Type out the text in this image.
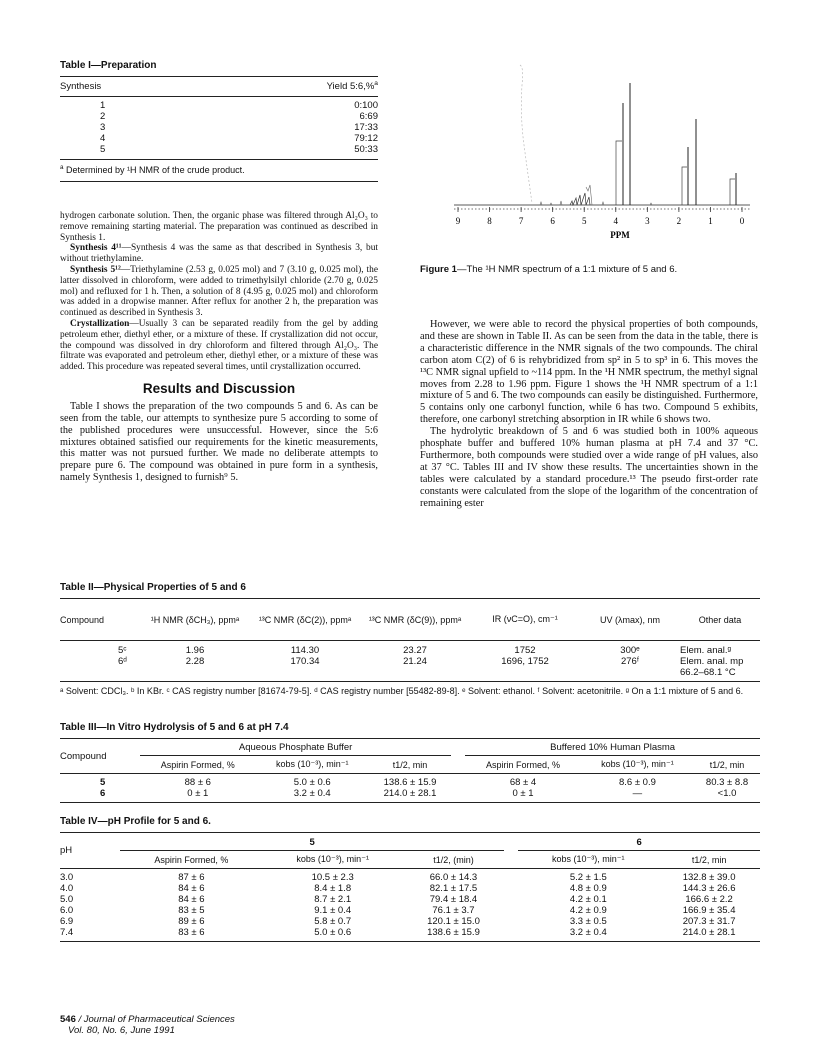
Table I—Preparation
Synthesis	Yield 5:6,%$^a$
1	0:100
2	6:69
3	17:33
4	79:12
5	50:33
$^a$ Determined by ¹H NMR of the crude product.

hydrogen carbonate solution. Then, the organic phase was filtered through Al₂O₃ to remove remaining starting material. The preparation was continued as described in Synthesis 1.

Synthesis 4¹¹—Synthesis 4 was the same as that described in Synthesis 3, but without triethylamine.

Synthesis 5¹²—Triethylamine (2.53 g, 0.025 mol) and 7 (3.10 g, 0.025 mol), the latter dissolved in chloroform, were added to trimethylsilyl chloride (2.70 g, 0.025 mol) and refluxed for 1 h. Then, a solution of 8 (4.95 g, 0.025 mol) and chloroform was added in a dropwise manner. After reflux for another 2 h, the preparation was continued as described in Synthesis 3.

Crystallization—Usually 3 can be separated readily from the gel by adding petroleum ether, diethyl ether, or a mixture of these. If crystallization did not occur, the compound was dissolved in dry chloroform and filtered through Al₂O₃. The filtrate was evaporated and petroleum ether, diethyl ether, or a mixture of these was added. This procedure was repeated several times, until crystallization occurred.

Results and Discussion

Table I shows the preparation of the two compounds 5 and 6. As can be seen from the table, our attempts to synthesize pure 5 according to some of the published procedures were unsuccessful. However, since the 5:6 mixtures obtained satisfied our requirements for the kinetic measurements, this matter was not pursued further. We made no deliberate attempts to prepare pure 6. The compound was obtained in pure form in a synthesis, namely Synthesis 1, designed to furnish⁹ 5.

9	8	7	6	5	4	3	2	1	0
PPM
Figure 1—The ¹H NMR spectrum of a 1:1 mixture of 5 and 6.

However, we were able to record the physical properties of both compounds, and these are shown in Table II. As can be seen from the data in the table, there is a characteristic difference in the NMR signals of the two compounds. The chiral carbon atom C(2) of 6 is rehybridized from sp² in 5 to sp³ in 6. This moves the ¹³C NMR signal upfield to ~114 ppm. In the ¹H NMR spectrum, the methyl signal moves from 2.28 to 1.96 ppm. Figure 1 shows the ¹H NMR spectrum of a 1:1 mixture of 5 and 6. The two compounds can easily be distinguished. Furthermore, 5 contains only one carbonyl function, while 6 has two. Compound 5 exhibits, therefore, one carbonyl stretching absorption in IR while 6 shows two.

The hydrolytic breakdown of 5 and 6 was studied both in 100% aqueous phosphate buffer and buffered 10% human plasma at pH 7.4 and 37 °C. Furthermore, both compounds were studied over a wide range of pH values, also at 37 °C. Tables III and IV show these results. The uncertainties shown in the tables were calculated by a standard procedure.¹³ The pseudo first-order rate constants were calculated from the slope of the logarithm of the concentration of remaining ester

Table II—Physical Properties of 5 and 6
Compound	¹H NMR (δCH₃), ppmᵃ	¹³C NMR (δC(2)), ppmᵃ	¹³C NMR (δC(9)), ppmᵃ	IR (νC=O), cm⁻¹	UV (λmax), nm	Other data
5ᶜ	1.96	114.30	23.27	1752	300ᵉ	Elem. anal.ᵍ
6ᵈ	2.28	170.34	21.24	1696, 1752	276ᶠ	Elem. anal. mp
						66.2–68.1 °C
ᵃ Solvent: CDCl₃. ᵇ In KBr. ᶜ CAS registry number [81674-79-5]. ᵈ CAS registry number [55482-89-8]. ᵉ Solvent: ethanol. ᶠ Solvent: acetonitrile. ᵍ On a 1:1 mixture of 5 and 6.
Table III—In Vitro Hydrolysis of 5 and 6 at pH 7.4
Compound	Aqueous Phosphate Buffer				Buffered 10% Human Plasma		
	Aspirin Formed, %	kobs (10⁻³), min⁻¹	t1/2, min		Aspirin Formed, %	kobs (10⁻³), min⁻¹	t1/2, min
5	88 ± 6	5.0 ± 0.6	138.6 ± 15.9		68 ± 4	8.6 ± 0.9	80.3 ± 8.8
6	0 ± 1	3.2 ± 0.4	214.0 ± 28.1		0 ± 1	—	<1.0
Table IV—pH Profile for 5 and 6.
pH	5				6	
	Aspirin Formed, %	kobs (10⁻³), min⁻¹	t1/2, (min)		kobs (10⁻³), min⁻¹	t1/2, min
3.0	87 ± 6	10.5 ± 2.3	66.0 ± 14.3		5.2 ± 1.5	132.8 ± 39.0
4.0	84 ± 6	8.4 ± 1.8	82.1 ± 17.5		4.8 ± 0.9	144.3 ± 26.6
5.0	84 ± 6	8.7 ± 2.1	79.4 ± 18.4		4.2 ± 0.1	166.6 ± 2.2
6.0	83 ± 5	9.1 ± 0.4	76.1 ± 3.7		4.2 ± 0.9	166.9 ± 35.4
6.9	89 ± 6	5.8 ± 0.7	120.1 ± 15.0		3.3 ± 0.5	207.3 ± 31.7
7.4	83 ± 6	5.0 ± 0.6	138.6 ± 15.9		3.2 ± 0.4	214.0 ± 28.1
546 / Journal of Pharmaceutical Sciences
Vol. 80, No. 6, June 1991
